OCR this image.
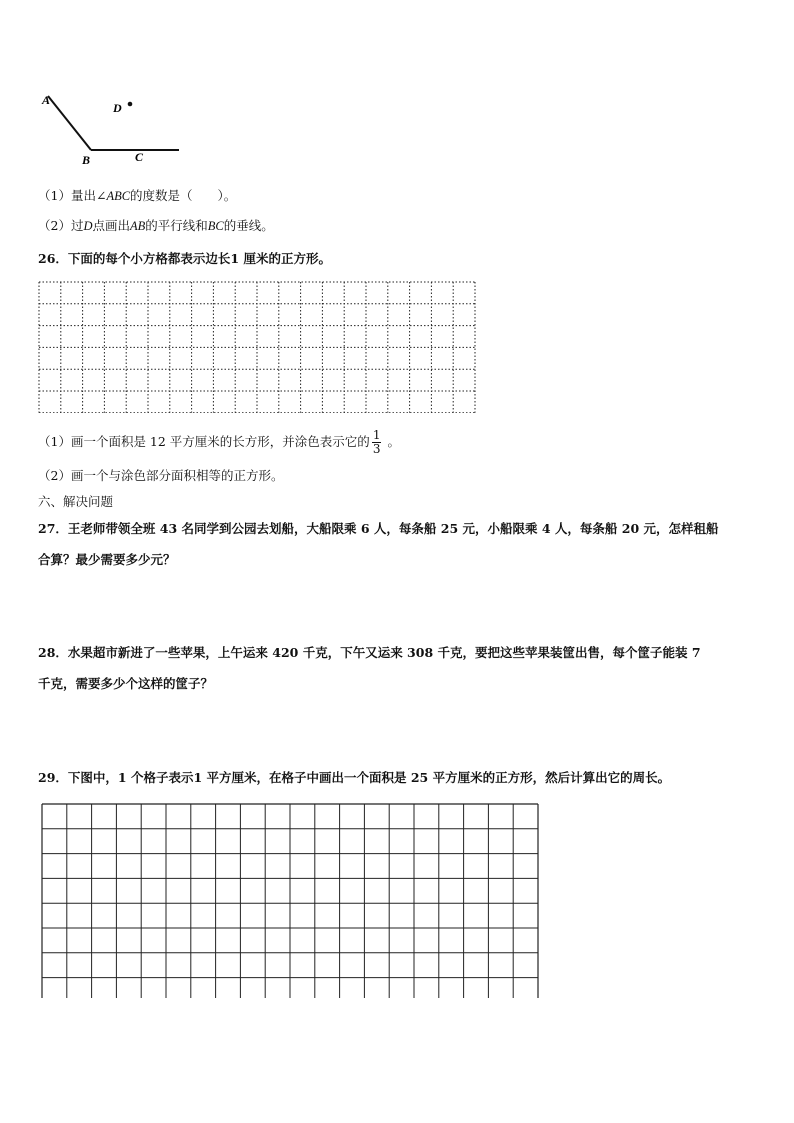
A
D
B	C
（1）量出∠ABC的度数是（　　）。
（2）过D点画出AB的平行线和BC的垂线。
26．下面的每个小方格都表示边长1 厘米的正方形。
（1）画一个面积是 12 平方厘米的长方形，并涂色表示它的 $\frac{1}{3}$ 。
（2）画一个与涂色部分面积相等的正方形。
六、解决问题
27．王老师带领全班 43 名同学到公园去划船，大船限乘 6 人，每条船 25 元，小船限乘 4 人，每条船 20 元，怎样租船
合算？最少需要多少元？
28．水果超市新进了一些苹果，上午运来 420 千克，下午又运来 308 千克，要把这些苹果装筐出售，每个筐子能装 7
千克，需要多少个这样的筐子？
29．下图中，1 个格子表示1 平方厘米，在格子中画出一个面积是 25 平方厘米的正方形，然后计算出它的周长。
